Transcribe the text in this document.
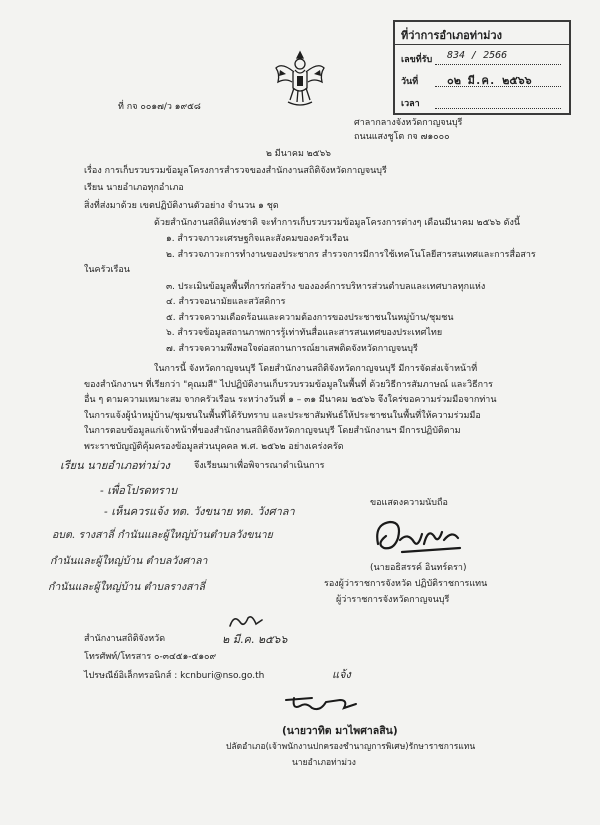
ที่ว่าการอำเภอท่าม่วง
เลขที่รับ 834 / 2566
วันที่	๐๒ มี.ค. ๒๕๖๖
เวลา
ที่ กจ ๐๐๑๗/ว ๑๙๕๘
ศาลากลางจังหวัดกาญจนบุรี
ถนนแสงชูโต กจ ๗๑๐๐๐
๒ มีนาคม ๒๕๖๖
เรื่อง การเก็บรวบรวมข้อมูลโครงการสำรวจของสำนักงานสถิติจังหวัดกาญจนบุรี
เรียน นายอำเภอทุกอำเภอ
สิ่งที่ส่งมาด้วย เขตปฏิบัติงานตัวอย่าง จำนวน ๑ ชุด
ด้วยสำนักงานสถิติแห่งชาติ จะทำการเก็บรวบรวมข้อมูลโครงการต่างๆ เดือนมีนาคม ๒๕๖๖ ดังนี้
๑. สำรวจภาวะเศรษฐกิจและสังคมของครัวเรือน
๒. สำรวจภาวะการทำงานของประชากร สำรวจการมีการใช้เทคโนโลยีสารสนเทศและการสื่อสาร
ในครัวเรือน
๓. ประเมินข้อมูลพื้นที่การก่อสร้าง ขององค์การบริหารส่วนตำบลและเทศบาลทุกแห่ง
๔. สำรวจอนามัยและสวัสดิการ
๕. สำรวจความเดือดร้อนและความต้องการของประชาชนในหมู่บ้าน/ชุมชน
๖. สำรวจข้อมูลสถานภาพการรู้เท่าทันสื่อและสารสนเทศของประเทศไทย
๗. สำรวจความพึงพอใจต่อสถานการณ์ยาเสพติดจังหวัดกาญจนบุรี
ในการนี้ จังหวัดกาญจนบุรี โดยสำนักงานสถิติจังหวัดกาญจนบุรี มีการจัดส่งเจ้าหน้าที่
ของสำนักงานฯ ที่เรียกว่า "คุณมสี" ไปปฏิบัติงานเก็บรวบรวมข้อมูลในพื้นที่ ด้วยวิธีการสัมภาษณ์ และวิธีการ
อื่น ๆ ตามความเหมาะสม จากครัวเรือน ระหว่างวันที่ ๑ – ๓๑ มีนาคม ๒๕๖๖ จึงใคร่ขอความร่วมมือจากท่าน
ในการแจ้งผู้นำหมู่บ้าน/ชุมชนในพื้นที่ได้รับทราบ และประชาสัมพันธ์ให้ประชาชนในพื้นที่ให้ความร่วมมือ
ในการตอบข้อมูลแก่เจ้าหน้าที่ของสำนักงานสถิติจังหวัดกาญจนบุรี โดยสำนักงานฯ มีการปฏิบัติตาม
พระราชบัญญัติคุ้มครองข้อมูลส่วนบุคคล พ.ศ. ๒๕๖๒ อย่างเคร่งครัด
เรียน นายอำเภอท่าม่วง	จึงเรียนมาเพื่อพิจารณาดำเนินการ
ขอแสดงความนับถือ
- เพื่อโปรดทราบ
- เห็นควรแจ้ง ทต. วังขนาย ทต. วังศาลา
อบต. รางสาลี่ กำนันและผู้ใหญ่บ้านตำบลวังขนาย
กำนันและผู้ใหญ่บ้าน ตำบลวังศาลา
กำนันและผู้ใหญ่บ้าน ตำบลรางสาลี่
(นายอธิสรรค์ อินทร์ดรา)
รองผู้ว่าราชการจังหวัด ปฏิบัติราชการแทน
ผู้ว่าราชการจังหวัดกาญจนบุรี
๒ มี.ค. ๒๕๖๖
สำนักงานสถิติจังหวัด
โทรศัพท์/โทรสาร ๐-๓๔๕๑-๕๑๐๙
ไปรษณีย์อิเล็กทรอนิกส์ : kcnburi@nso.go.th	แจ้ง
(นายวาทิต มาไพศาลสิน)
ปลัดอำเภอ(เจ้าพนักงานปกครองชำนาญการพิเศษ)รักษาราชการแทน
นายอำเภอท่าม่วง
